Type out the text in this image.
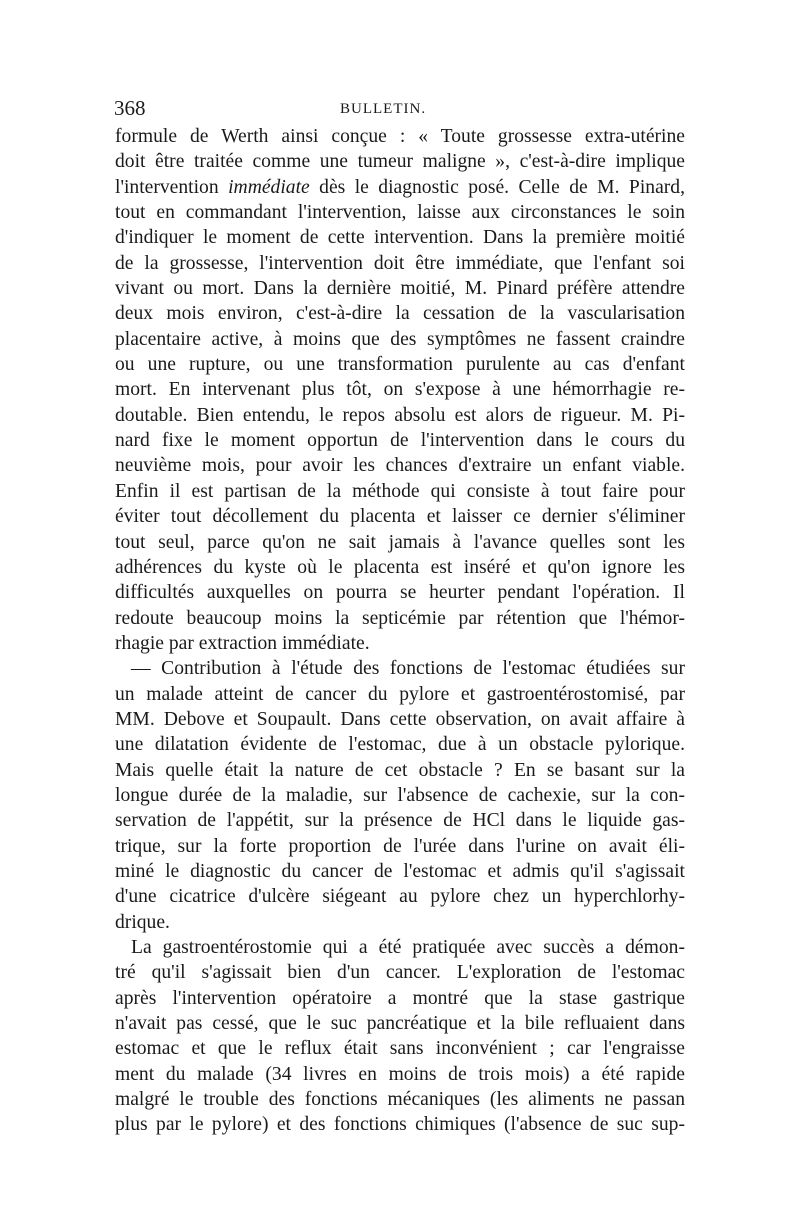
368	BULLETIN.
formule de Werth ainsi conçue : « Toute grossesse extra-utérine
doit être traitée comme une tumeur maligne », c'est-à-dire implique
l'intervention immédiate dès le diagnostic posé. Celle de M. Pinard,
tout en commandant l'intervention, laisse aux circonstances le soin
d'indiquer le moment de cette intervention. Dans la première moitié
de la grossesse, l'intervention doit être immédiate, que l'enfant soi
vivant ou mort. Dans la dernière moitié, M. Pinard préfère attendre
deux mois environ, c'est-à-dire la cessation de la vascularisation
placentaire active, à moins que des symptômes ne fassent craindre
ou une rupture, ou une transformation purulente au cas d'enfant
mort. En intervenant plus tôt, on s'expose à une hémorrhagie re-
doutable. Bien entendu, le repos absolu est alors de rigueur. M. Pi-
nard fixe le moment opportun de l'intervention dans le cours du
neuvième mois, pour avoir les chances d'extraire un enfant viable.
Enfin il est partisan de la méthode qui consiste à tout faire pour
éviter tout décollement du placenta et laisser ce dernier s'éliminer
tout seul, parce qu'on ne sait jamais à l'avance quelles sont les
adhérences du kyste où le placenta est inséré et qu'on ignore les
difficultés auxquelles on pourra se heurter pendant l'opération. Il
redoute beaucoup moins la septicémie par rétention que l'hémor-
rhagie par extraction immédiate.
— Contribution à l'étude des fonctions de l'estomac étudiées sur
un malade atteint de cancer du pylore et gastroentérostomisé, par
MM. Debove et Soupault. Dans cette observation, on avait affaire à
une dilatation évidente de l'estomac, due à un obstacle pylorique.
Mais quelle était la nature de cet obstacle ? En se basant sur la
longue durée de la maladie, sur l'absence de cachexie, sur la con-
servation de l'appétit, sur la présence de HCl dans le liquide gas-
trique, sur la forte proportion de l'urée dans l'urine on avait éli-
miné le diagnostic du cancer de l'estomac et admis qu'il s'agissait
d'une cicatrice d'ulcère siégeant au pylore chez un hyperchlorhy-
drique.
La gastroentérostomie qui a été pratiquée avec succès a démon-
tré qu'il s'agissait bien d'un cancer. L'exploration de l'estomac
après l'intervention opératoire a montré que la stase gastrique
n'avait pas cessé, que le suc pancréatique et la bile refluaient dans
estomac et que le reflux était sans inconvénient ; car l'engraisse
ment du malade (34 livres en moins de trois mois) a été rapide
malgré le trouble des fonctions mécaniques (les aliments ne passan
plus par le pylore) et des fonctions chimiques (l'absence de suc sup-
